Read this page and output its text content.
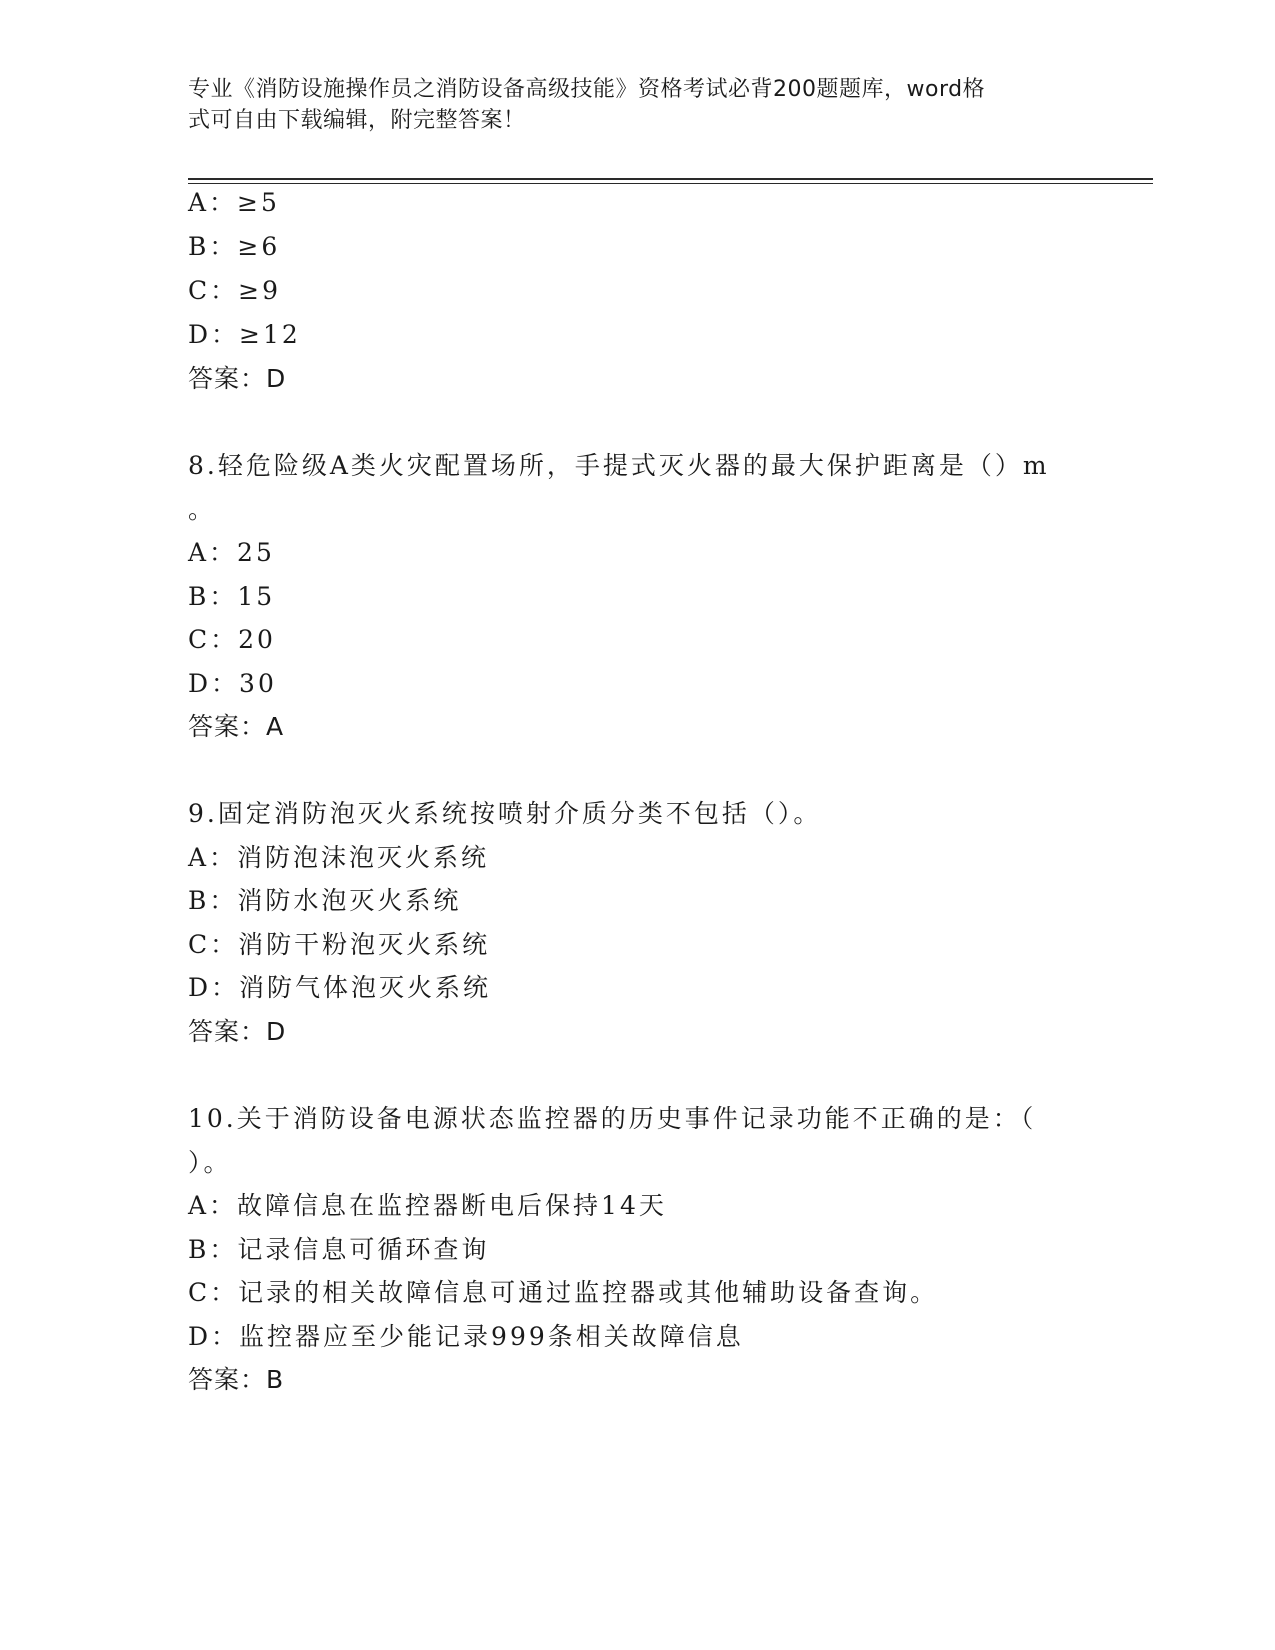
专业《消防设施操作员之消防设备高级技能》资格考试必背200题题库，word格
式可自由下载编辑，附完整答案！
A：≥5
B：≥6
C：≥9
D：≥12
答案：D
8.轻危险级A类火灾配置场所，手提式灭火器的最大保护距离是（）m
。
A：25
B：15
C：20
D：30
答案：A
9.固定消防泡灭火系统按喷射介质分类不包括（）。
A：消防泡沫泡灭火系统
B：消防水泡灭火系统
C：消防干粉泡灭火系统
D：消防气体泡灭火系统
答案：D
10.关于消防设备电源状态监控器的历史事件记录功能不正确的是：（
）。
A：故障信息在监控器断电后保持14天
B：记录信息可循环查询
C：记录的相关故障信息可通过监控器或其他辅助设备查询。
D：监控器应至少能记录999条相关故障信息
答案：B
